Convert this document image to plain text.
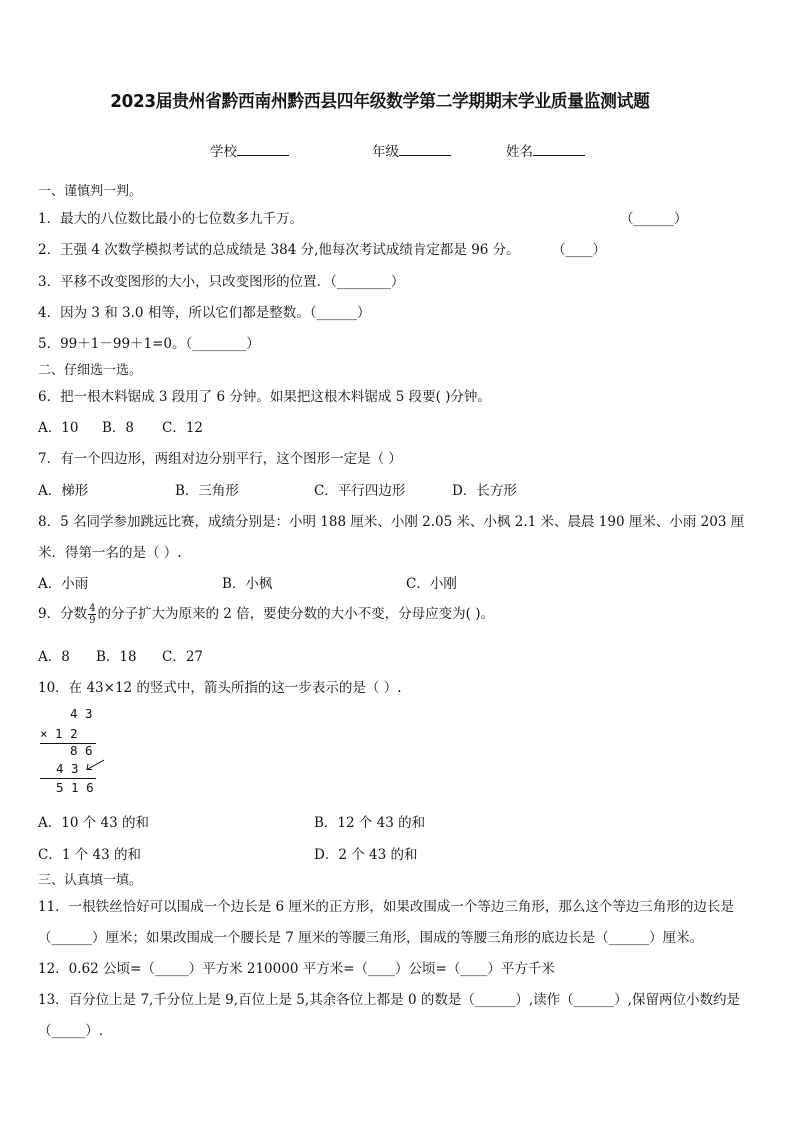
2023届贵州省黔西南州黔西县四年级数学第二学期期末学业质量监测试题
学校	年级	姓名
一、谨慎判一判。
1．最大的八位数比最小的七位数多九千万。	（______）
2．王强 4 次数学模拟考试的总成绩是 384 分,他每次考试成绩肯定都是 96 分。 （____）
3．平移不改变图形的大小，只改变图形的位置．（________）
4．因为 3 和 3.0 相等，所以它们都是整数。（______）
5．99＋1－99＋1=0。（________）
二、仔细选一选。
6．把一根木料锯成 3 段用了 6 分钟。如果把这根木料锯成 5 段要( )分钟。
A．10 B．8 C．12
7．有一个四边形，两组对边分别平行，这个图形一定是（ ）
A．梯形	B．三角形	C．平行四边形	D．长方形
8．5 名同学参加跳远比赛，成绩分别是：小明 188 厘米、小刚 2.05 米、小枫 2.1 米、晨晨 190 厘米、小雨 203 厘
米．得第一名的是（ ）.
A．小雨	B．小枫	C．小刚
9．分数 $\frac{4}{9}$ 的分子扩大为原来的 2 倍，要使分数的大小不变，分母应变为( )。
A．8 B．18 C．27
10．在 43×12 的竖式中，箭头所指的这一步表示的是（ ）.
4 3
× 1 2
8 6
4 3
5 1 6
A．10 个 43 的和	B．12 个 43 的和
C．1 个 43 的和	D．2 个 43 的和
三、认真填一填。
11．一根铁丝恰好可以围成一个边长是 6 厘米的正方形，如果改围成一个等边三角形，那么这个等边三角形的边长是
（______）厘米；如果改围成一个腰长是 7 厘米的等腰三角形，围成的等腰三角形的底边长是（______）厘米。
12．0.62 公顷=（_____）平方米 210000 平方米=（____）公顷=（____）平方千米
13．百分位上是 7,千分位上是 9,百位上是 5,其余各位上都是 0 的数是（______）,读作（______）,保留两位小数约是
（_____）.
